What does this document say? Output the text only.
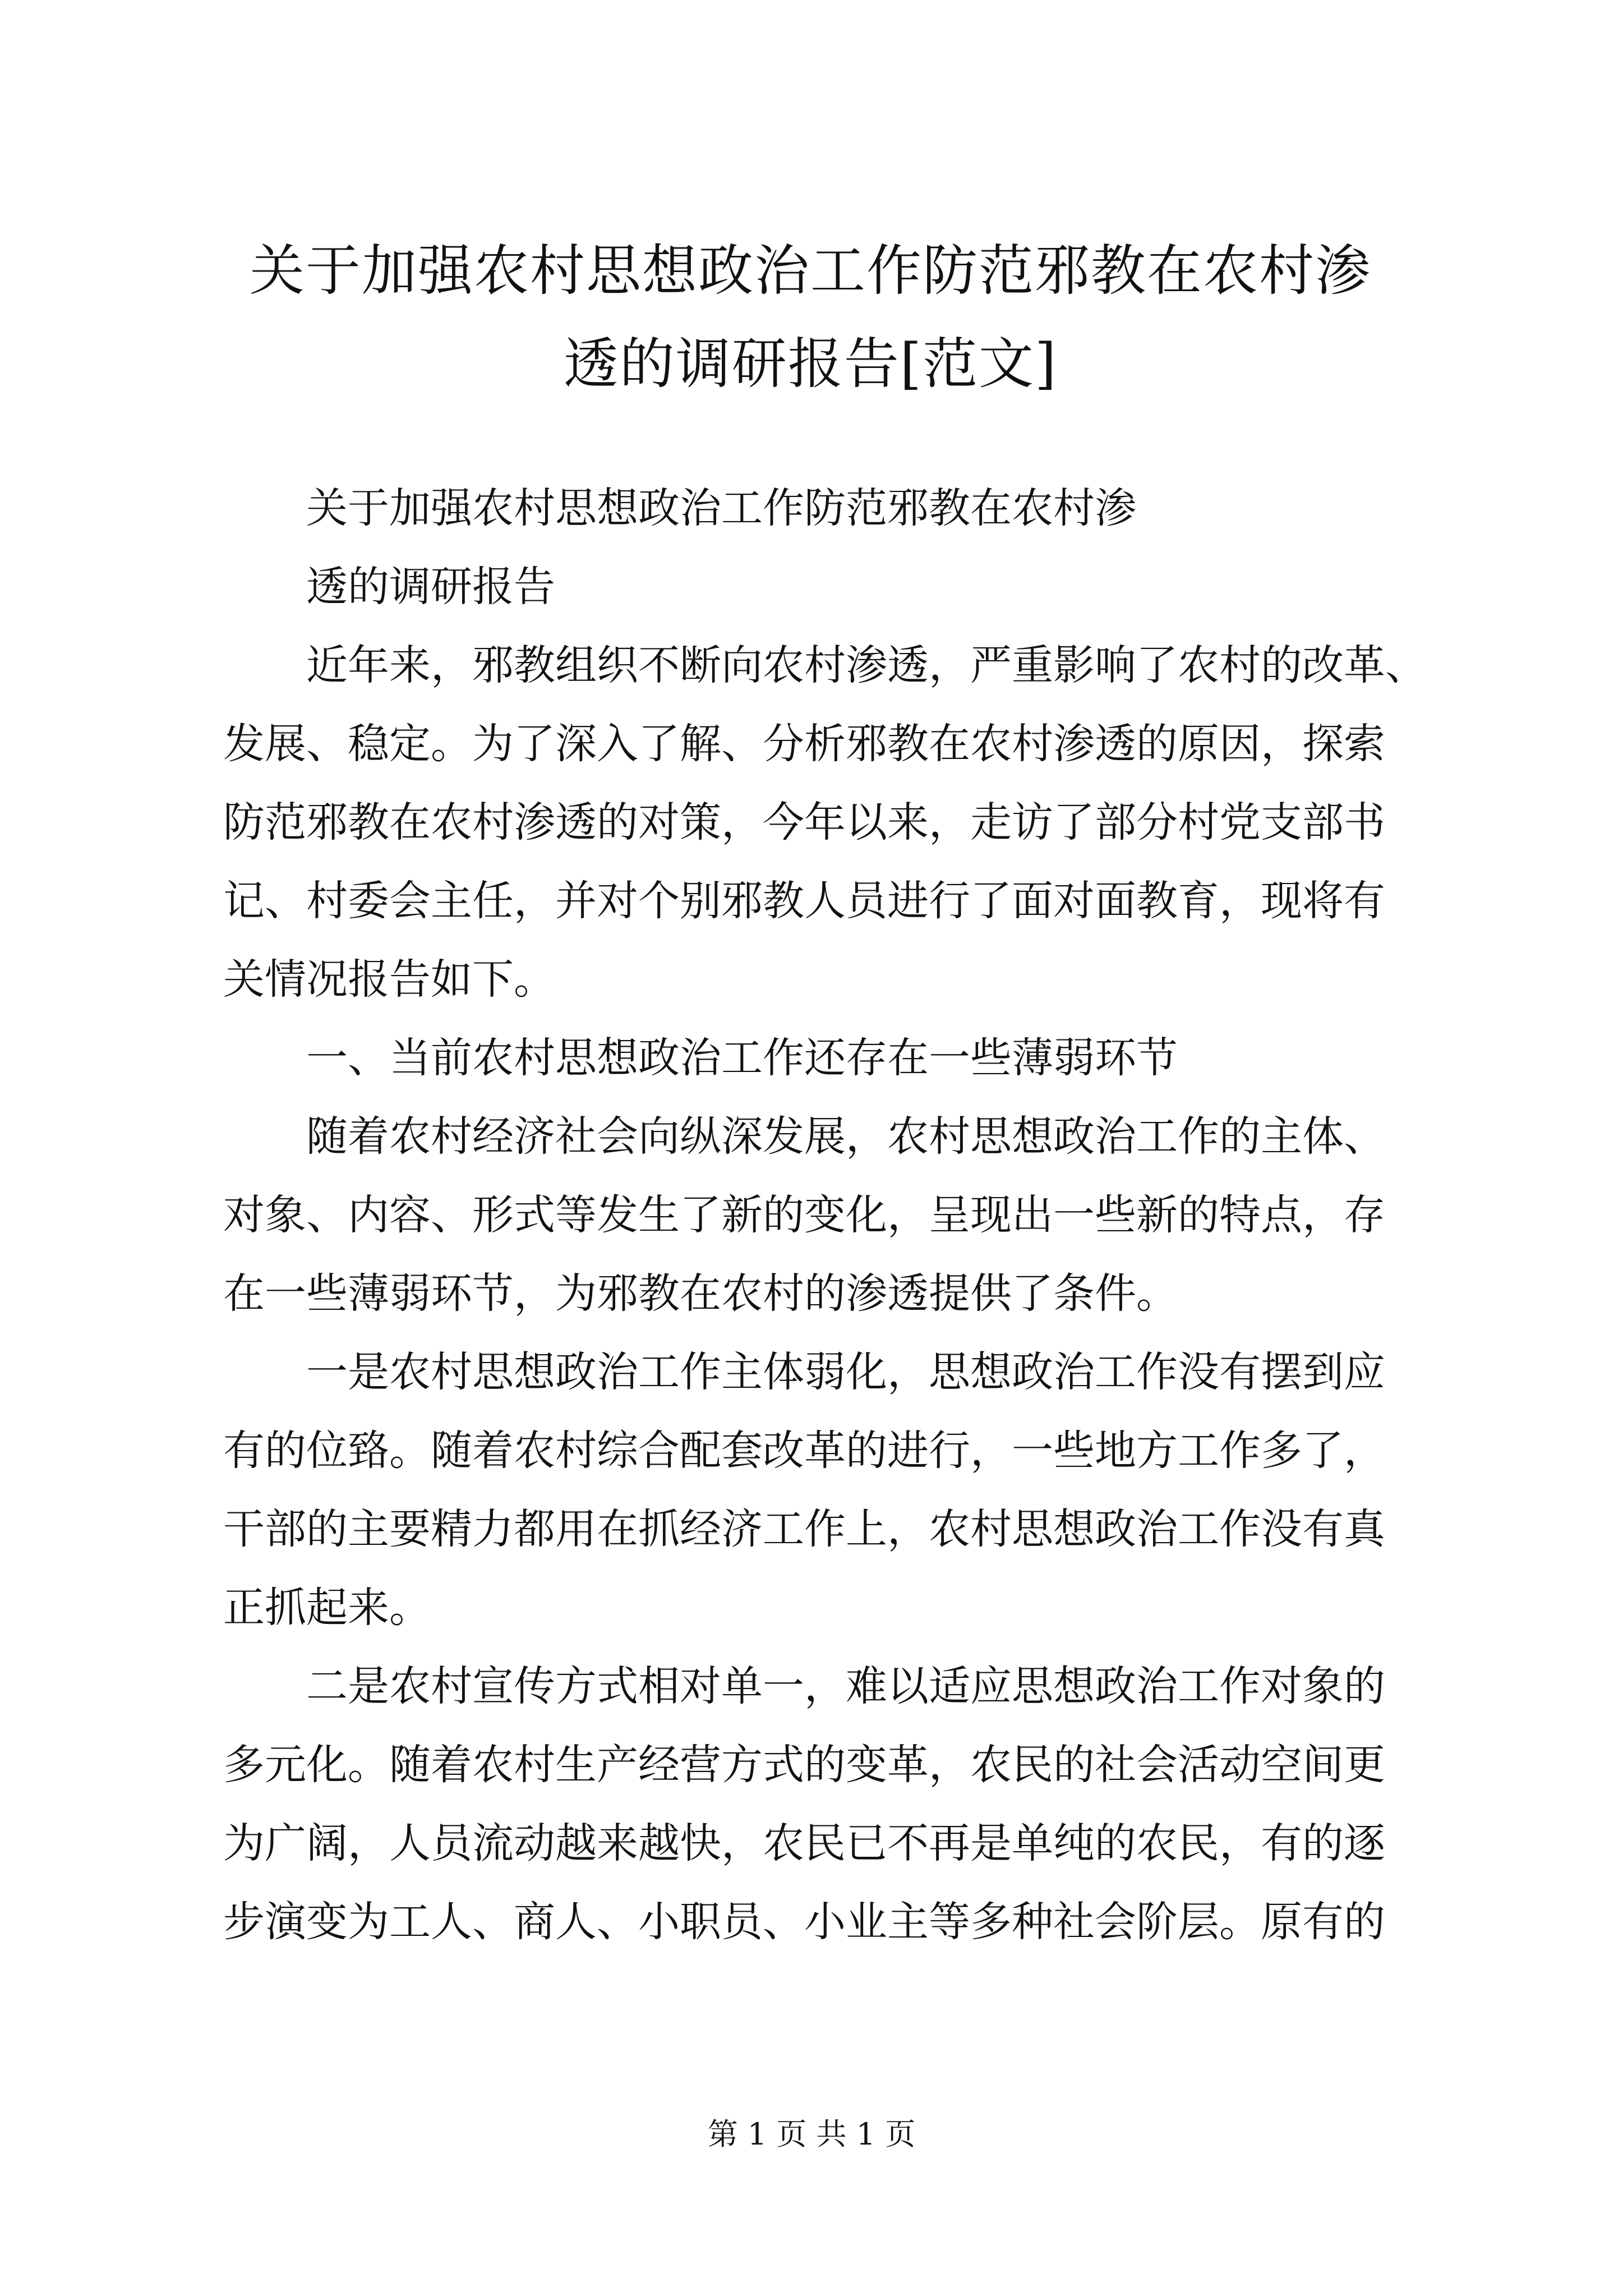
关于加强农村思想政治工作防范邪教在农村渗
透的调研报告[范文]

关于加强农村思想政治工作防范邪教在农村渗

透的调研报告

近年来，邪教组织不断向农村渗透，严重影响了农村的改革、
发展、稳定。为了深入了解、分析邪教在农村渗透的原因，探索
防范邪教在农村渗透的对策，今年以来，走访了部分村党支部书
记、村委会主任，并对个别邪教人员进行了面对面教育，现将有
关情况报告如下。

一、当前农村思想政治工作还存在一些薄弱环节

随着农村经济社会向纵深发展，农村思想政治工作的主体、
对象、内容、形式等发生了新的变化，呈现出一些新的特点，存
在一些薄弱环节，为邪教在农村的渗透提供了条件。

一是农村思想政治工作主体弱化，思想政治工作没有摆到应
有的位臵。随着农村综合配套改革的进行，一些地方工作多了，
干部的主要精力都用在抓经济工作上，农村思想政治工作没有真
正抓起来。

二是农村宣传方式相对单一，难以适应思想政治工作对象的
多元化。随着农村生产经营方式的变革，农民的社会活动空间更
为广阔，人员流动越来越快，农民已不再是单纯的农民，有的逐
步演变为工人、商人、小职员、小业主等多种社会阶层。原有的

第 1 页 共 1 页
